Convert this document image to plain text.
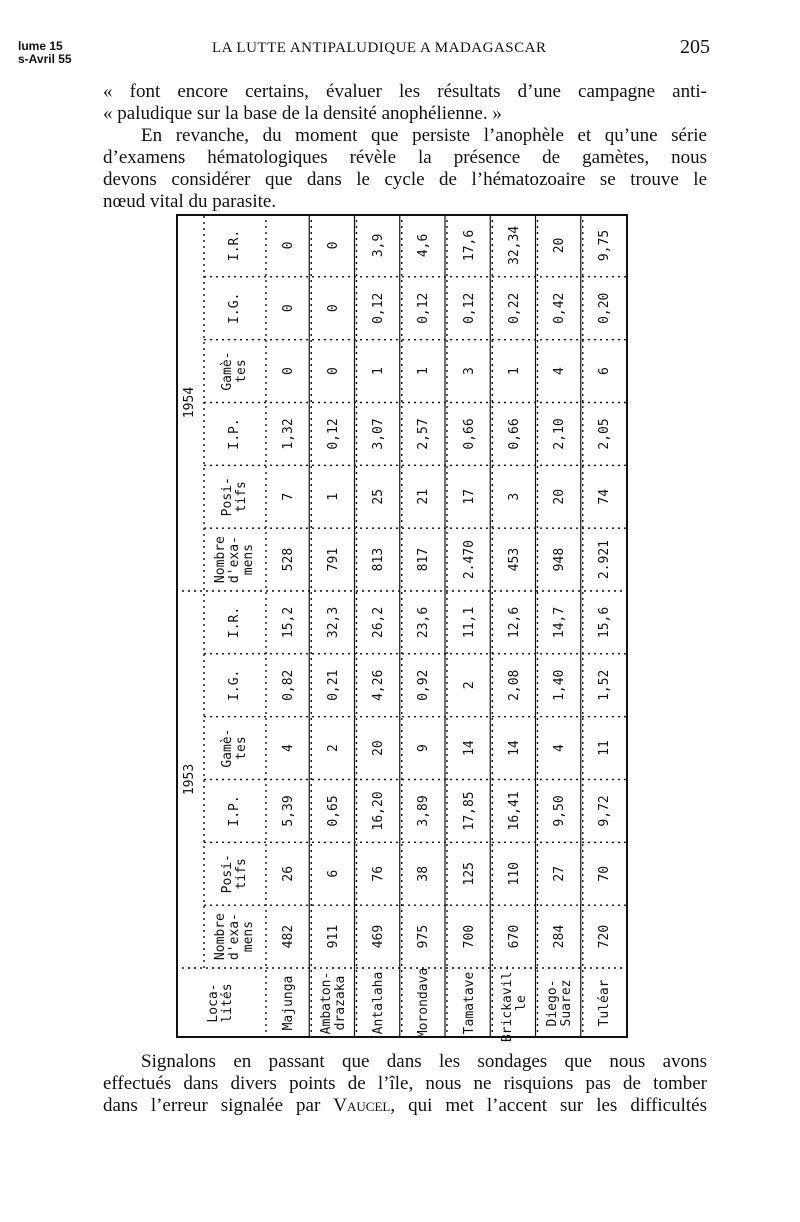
lume 15
s-Avril 55
LA LUTTE ANTIPALUDIQUE A MADAGASCAR	205
« font encore certains, évaluer les résultats d’une campagne anti-
« paludique sur la base de la densité anophélienne. »
En revanche, du moment que persiste l’anophèle et qu’une série
d’examens hématologiques révèle la présence de gamètes, nous
devons considérer que dans le cycle de l’hématozoaire se trouve le
nœud vital du parasite.
Loca-
lités
1953
1954
Nombre
d'exa-
mens
Posi-
tifs
I.P.
Gamè-
tes
I.G.
I.R.
Nombre
d'exa-
mens
Posi-
tifs
I.P.
Gamè-
tes
I.G.
I.R.
Majunga
482
528
26
7
5,39
1,32
4
0
0,82
0
15,2
0
Ambaton-
drazaka
911
791
6
1
0,65
0,12
2
0
0,21
0
32,3
0
Antalaha
469
813
76
25
16,20
3,07
20
1
4,26
0,12
26,2
3,9
Morondava
975
817
38
21
3,89
2,57
9
1
0,92
0,12
23,6
4,6
Tamatave
700
2.470
125
17
17,85
0,66
14
3
2
0,12
11,1
17,6
Brickavil-
le
670
453
110
3
16,41
0,66
14
1
2,08
0,22
12,6
32,34
Diego-
Suarez
284
948
27
20
9,50
2,10
4
4
1,40
0,42
14,7
20
Tuléar
720
2.921
70
74
9,72
2,05
11
6
1,52
0,20
15,6
9,75
Signalons en passant que dans les sondages que nous avons
effectués dans divers points de l’île, nous ne risquions pas de tomber
dans l’erreur signalée par Vaucel, qui met l’accent sur les difficultés
